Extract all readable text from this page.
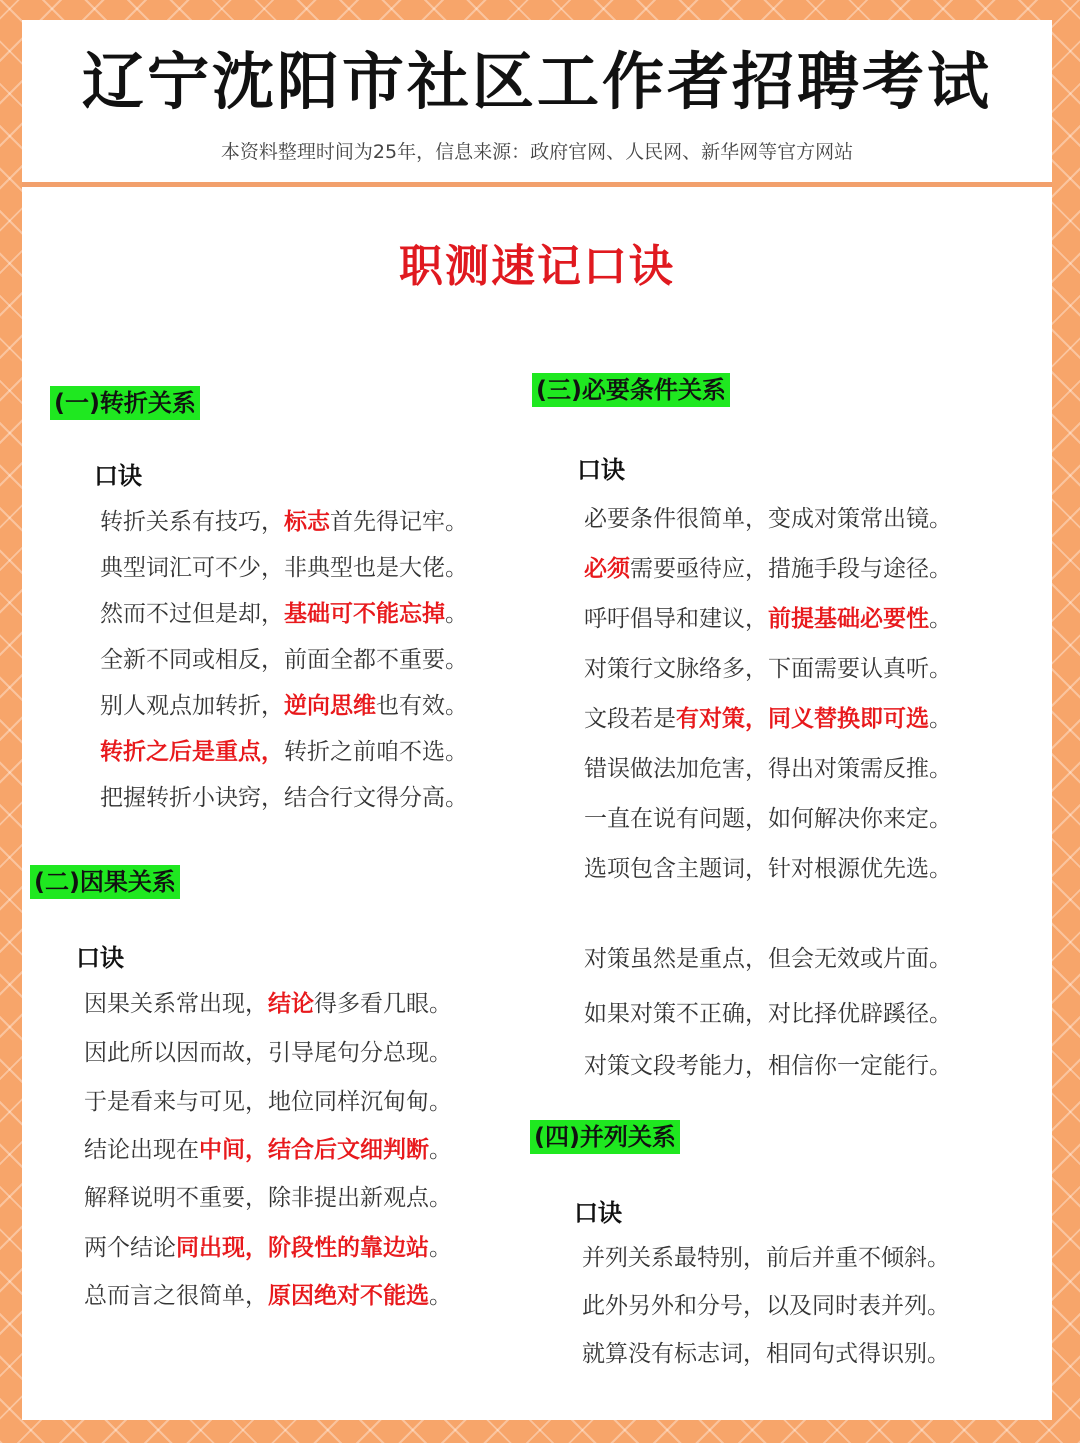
辽宁沈阳市社区工作者招聘考试
本资料整理时间为25年，信息来源：政府官网、人民网、新华网等官方网站
职测速记口诀
(一)转折关系
口诀
转折关系有技巧，标志首先得记牢。
典型词汇可不少，非典型也是大佬。
然而不过但是却，基础可不能忘掉。
全新不同或相反，前面全都不重要。
别人观点加转折，逆向思维也有效。
转折之后是重点，转折之前咱不选。
把握转折小诀窍，结合行文得分高。
(二)因果关系
口诀
因果关系常出现，结论得多看几眼。
因此所以因而故，引导尾句分总现。
于是看来与可见，地位同样沉甸甸。
结论出现在中间，结合后文细判断。
解释说明不重要，除非提出新观点。
两个结论同出现，阶段性的靠边站。
总而言之很简单，原因绝对不能选。
(三)必要条件关系
口诀
必要条件很简单，变成对策常出镜。
必须需要亟待应，措施手段与途径。
呼吁倡导和建议，前提基础必要性。
对策行文脉络多，下面需要认真听。
文段若是有对策，同义替换即可选。
错误做法加危害，得出对策需反推。
一直在说有问题，如何解决你来定。
选项包含主题词，针对根源优先选。
对策虽然是重点，但会无效或片面。
如果对策不正确，对比择优辟蹊径。
对策文段考能力，相信你一定能行。
(四)并列关系
口诀
并列关系最特别，前后并重不倾斜。
此外另外和分号，以及同时表并列。
就算没有标志词，相同句式得识别。
